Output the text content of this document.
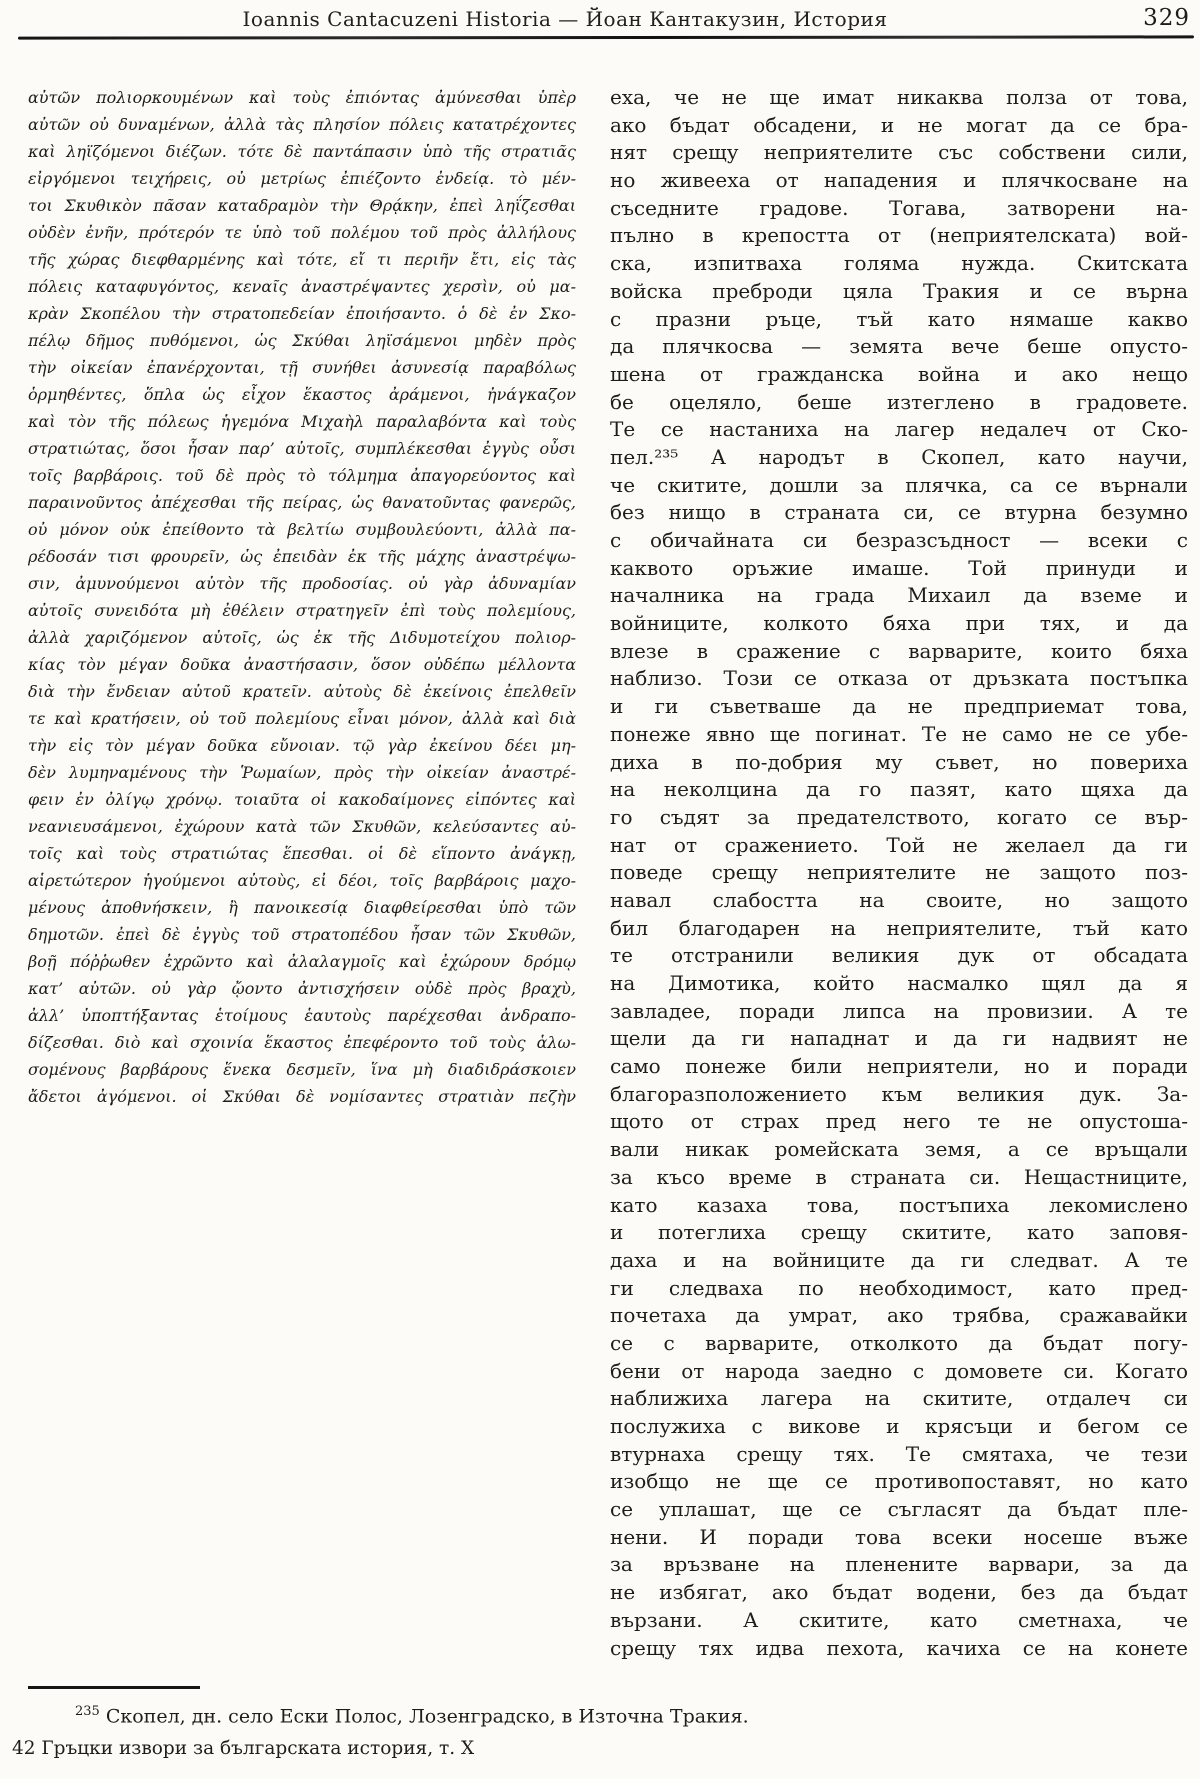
Ioannis Cantacuzeni Historia — Йоан Кантакузин, История	329
αὐτῶν πολιορκουμένων καὶ τοὺς ἐπιόντας ἀμύνεσθαι ὑπὲρ
αὐτῶν οὐ δυναμένων, ἀλλὰ τὰς πλησίον πόλεις κατατρέχοντες
καὶ ληϊζόμενοι διέζων. τότε δὲ παντάπασιν ὑπὸ τῆς στρατιᾶς
εἰργόμενοι τειχήρεις, οὐ μετρίως ἐπιέζοντο ἐνδείᾳ. τὸ μέν-
τοι Σκυθικὸν πᾶσαν καταδραμὸν τὴν Θρᾴκην, ἐπεὶ ληΐζεσθαι
οὐδὲν ἐνῆν, πρότερόν τε ὑπὸ τοῦ πολέμου τοῦ πρὸς ἀλλήλους
τῆς χώρας διεφθαρμένης καὶ τότε, εἴ τι περιῆν ἔτι, εἰς τὰς
πόλεις καταφυγόντος, κεναῖς ἀναστρέψαντες χερσὶν, οὐ μα-
κρὰν Σκοπέλου τὴν στρατοπεδείαν ἐποιήσαντο. ὁ δὲ ἐν Σκο-
πέλῳ δῆμος πυθόμενοι, ὡς Σκύθαι ληϊσάμενοι μηδὲν πρὸς
τὴν οἰκείαν ἐπανέρχονται, τῇ συνήθει ἀσυνεσίᾳ παραβόλως
ὁρμηθέντες, ὅπλα ὡς εἶχον ἕκαστος ἀράμενοι, ἠνάγκαζον
καὶ τὸν τῆς πόλεως ἡγεμόνα Μιχαὴλ παραλαβόντα καὶ τοὺς
στρατιώτας, ὅσοι ἦσαν παρ’ αὐτοῖς, συμπλέκεσθαι ἐγγὺς οὖσι
τοῖς βαρβάροις. τοῦ δὲ πρὸς τὸ τόλμημα ἀπαγορεύοντος καὶ
παραινοῦντος ἀπέχεσθαι τῆς πείρας, ὡς θανατοῦντας φανερῶς,
οὐ μόνον οὐκ ἐπείθοντο τὰ βελτίω συμβουλεύοντι, ἀλλὰ πα-
ρέδοσάν τισι φρουρεῖν, ὡς ἐπειδὰν ἐκ τῆς μάχης ἀναστρέψω-
σιν, ἀμυνούμενοι αὐτὸν τῆς προδοσίας. οὐ γὰρ ἀδυναμίαν
αὐτοῖς συνειδότα μὴ ἐθέλειν στρατηγεῖν ἐπὶ τοὺς πολεμίους,
ἀλλὰ χαριζόμενον αὐτοῖς, ὡς ἐκ τῆς Διδυμοτείχου πολιορ-
κίας τὸν μέγαν δοῦκα ἀναστήσασιν, ὅσον οὐδέπω μέλλοντα
διὰ τὴν ἔνδειαν αὐτοῦ κρατεῖν. αὐτοὺς δὲ ἐκείνοις ἐπελθεῖν
τε καὶ κρατήσειν, οὐ τοῦ πολεμίους εἶναι μόνον, ἀλλὰ καὶ διὰ
τὴν εἰς τὸν μέγαν δοῦκα εὔνοιαν. τῷ γὰρ ἐκείνου δέει μη-
δὲν λυμηναμένους τὴν Ῥωμαίων, πρὸς τὴν οἰκείαν ἀναστρέ-
φειν ἐν ὀλίγῳ χρόνῳ. τοιαῦτα οἱ κακοδαίμονες εἰπόντες καὶ
νεανιευσάμενοι, ἐχώρουν κατὰ τῶν Σκυθῶν, κελεύσαντες αὐ-
τοῖς καὶ τοὺς στρατιώτας ἕπεσθαι. οἱ δὲ εἵποντο ἀνάγκῃ,
αἱρετώτερον ἡγούμενοι αὐτοὺς, εἰ δέοι, τοῖς βαρβάροις μαχο-
μένους ἀποθνήσκειν, ἢ πανοικεσίᾳ διαφθείρεσθαι ὑπὸ τῶν
δημοτῶν. ἐπεὶ δὲ ἐγγὺς τοῦ στρατοπέδου ἦσαν τῶν Σκυθῶν,
βοῇ πόῤῥωθεν ἐχρῶντο καὶ ἀλαλαγμοῖς καὶ ἐχώρουν δρόμῳ
κατ’ αὐτῶν. οὐ γὰρ ᾤοντο ἀντισχήσειν οὐδὲ πρὸς βραχὺ,
ἀλλ’ ὑποπτήξαντας ἑτοίμους ἑαυτοὺς παρέχεσθαι ἀνδραπο-
δίζεσθαι. διὸ καὶ σχοινία ἕκαστος ἐπεφέροντο τοῦ τοὺς ἁλω-
σομένους βαρβάρους ἕνεκα δεσμεῖν, ἵνα μὴ διαδιδράσκοιεν
ἄδετοι ἀγόμενοι. οἱ Σκύθαι δὲ νομίσαντες στρατιὰν πεζὴν
еха, че не ще имат никаква полза от това,
ако бъдат обсадени, и не могат да се бра-
нят срещу неприятелите със собствени сили,
но живееха от нападения и плячкосване на
съседните градове. Тогава, затворени на-
пълно в крепостта от (неприятелската) вой-
ска, изпитваха голяма нужда. Скитската
войска преброди цяла Тракия и се върна
с празни ръце, тъй като нямаше какво
да плячкосва — земята вече беше опусто-
шена от гражданска война и ако нещо
бе оцеляло, беше изтеглено в градовете.
Те се настаниха на лагер недалеч от Ско-
пел.²³⁵ А народът в Скопел, като научи,
че скитите, дошли за плячка, са се върнали
без нищо в страната си, се втурна безумно
с обичайната си безразсъдност — всеки с
каквото оръжие имаше. Той принуди и
началника на града Михаил да вземе и
войниците, колкото бяха при тях, и да
влезе в сражение с варварите, които бяха
наблизо. Този се отказа от дръзката постъпка
и ги съветваше да не предприемат това,
понеже явно ще погинат. Те не само не се убе-
диха в по-добрия му съвет, но повериха
на неколцина да го пазят, като щяха да
го съдят за предателството, когато се вър-
нат от сражението. Той не желаел да ги
поведе срещу неприятелите не защото поз-
навал слабостта на своите, но защото
бил благодарен на неприятелите, тъй като
те отстранили великия дук от обсадата
на Димотика, който насмалко щял да я
завладее, поради липса на провизии. А те
щели да ги нападнат и да ги надвият не
само понеже били неприятели, но и поради
благоразположението към великия дук. За-
щото от страх пред него те не опустоша-
вали никак ромейската земя, а се връщали
за късо време в страната си. Нещастниците,
като казаха това, постъпиха лекомислено
и потеглиха срещу скитите, като заповя-
даха и на войниците да ги следват. А те
ги следваха по необходимост, като пред-
почетаха да умрат, ако трябва, сражавайки
се с варварите, отколкото да бъдат погу-
бени от народа заедно с домовете си. Когато
наближиха лагера на скитите, отдалеч си
послужиха с викове и крясъци и бегом се
втурнаха срещу тях. Те смятаха, че тези
изобщо не ще се противопоставят, но като
се уплашат, ще се съгласят да бъдат пле-
нени. И поради това всеки носеше въже
за връзване на пленените варвари, за да
не избягат, ако бъдат водени, без да бъдат
вързани. А скитите, като сметнаха, че
срещу тях идва пехота, качиха се на конете
$^{235}$ Скопел, дн. село Ески Полос, Лозенградско, в Източна Тракия.
42 Гръцки извори за българската история, т. X
